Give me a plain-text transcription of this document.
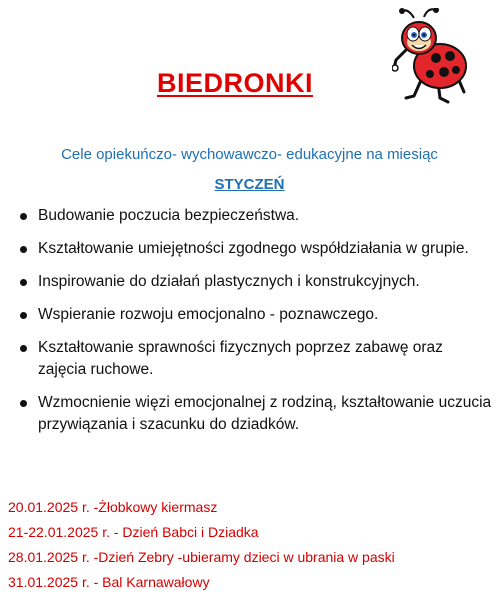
BIEDRONKI
Cele opiekuńczo- wychowawczo- edukacyjne na miesiąc
STYCZEŃ
Budowanie poczucia bezpieczeństwa.
Kształtowanie umiejętności zgodnego współdziałania w grupie.
Inspirowanie do działań plastycznych i konstrukcyjnych.
Wspieranie rozwoju emocjonalno - poznawczego.
Kształtowanie sprawności fizycznych poprzez zabawę oraz zajęcia ruchowe.
Wzmocnienie więzi emocjonalnej z rodziną, kształtowanie uczucia przywiązania i szacunku do dziadków.
20.01.2025 r. -Żłobkowy kiermasz
21-22.01.2025 r. - Dzień Babci i Dziadka
28.01.2025 r. -Dzień Zebry -ubieramy dzieci w ubrania w paski
31.01.2025 r. - Bal Karnawałowy
